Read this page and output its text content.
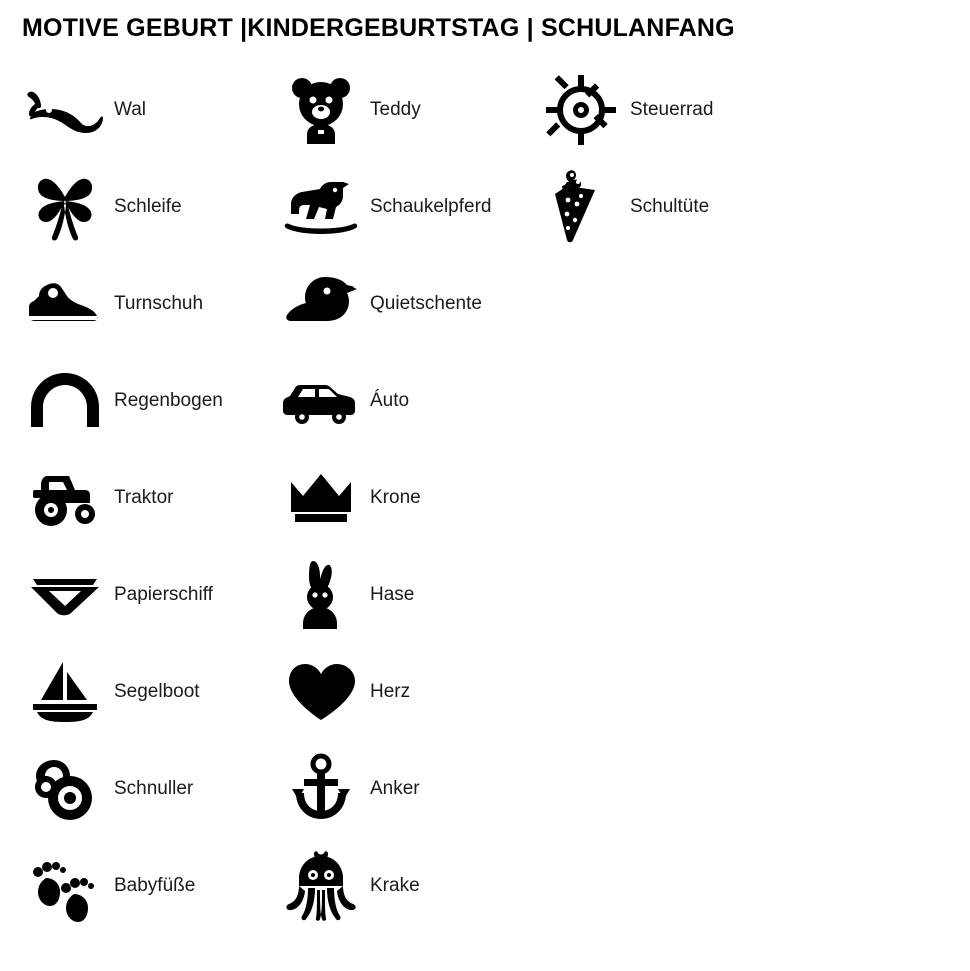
MOTIVE GEBURT |KINDERGEBURTSTAG | SCHULANFANG
Wal
Schleife
Turnschuh
Regenbogen
Traktor
Papierschiff
Segelboot
Schnuller
Babyfüße
Teddy
Schaukelpferd
Quietschente
Áuto
Krone
Hase
Herz
Anker
Krake
Steuerrad
Schultüte
